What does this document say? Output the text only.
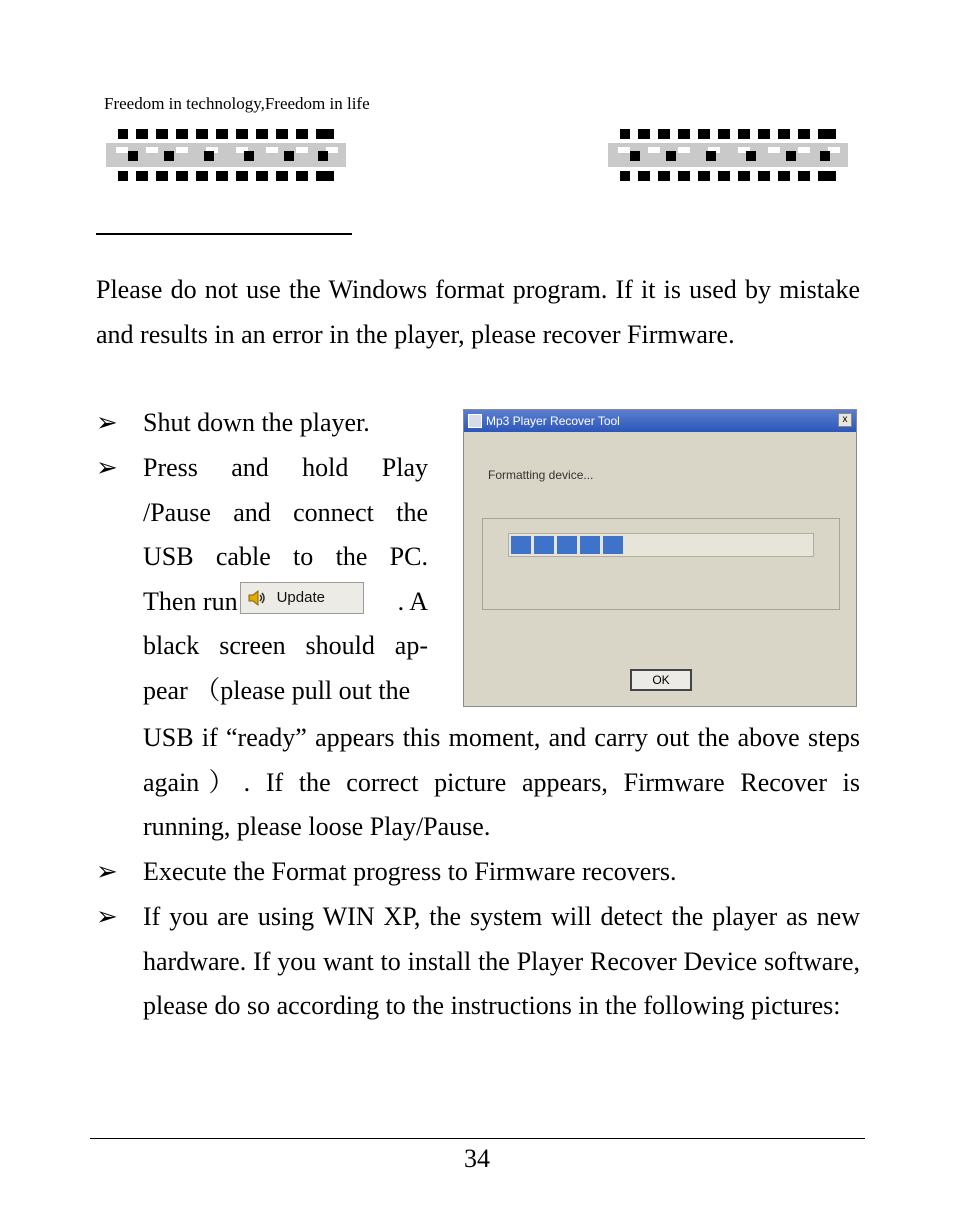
Freedom in technology,Freedom in life

Please do not use the Windows format program. If it is used by mistake and results in an error in the player, please recover Firmware.

➢ Shut down the player.

➢ Press and hold Play
/Pause and connect the
USB cable to the PC.
Then run	Update	. A
black screen should ap-
pear （please pull out the

USB if “ready” appears this moment, and carry out the above steps again）. If the correct picture appears, Firmware Recover is running, please loose Play/Pause.

➢ Execute the Format progress to Firmware recovers.

➢ If you are using WIN XP, the system will detect the player as new hardware. If you want to install the Player Recover Device software, please do so according to the instructions in the following pictures:

Mp3 Player Recover Tool	x
Formatting device...
OK
34
